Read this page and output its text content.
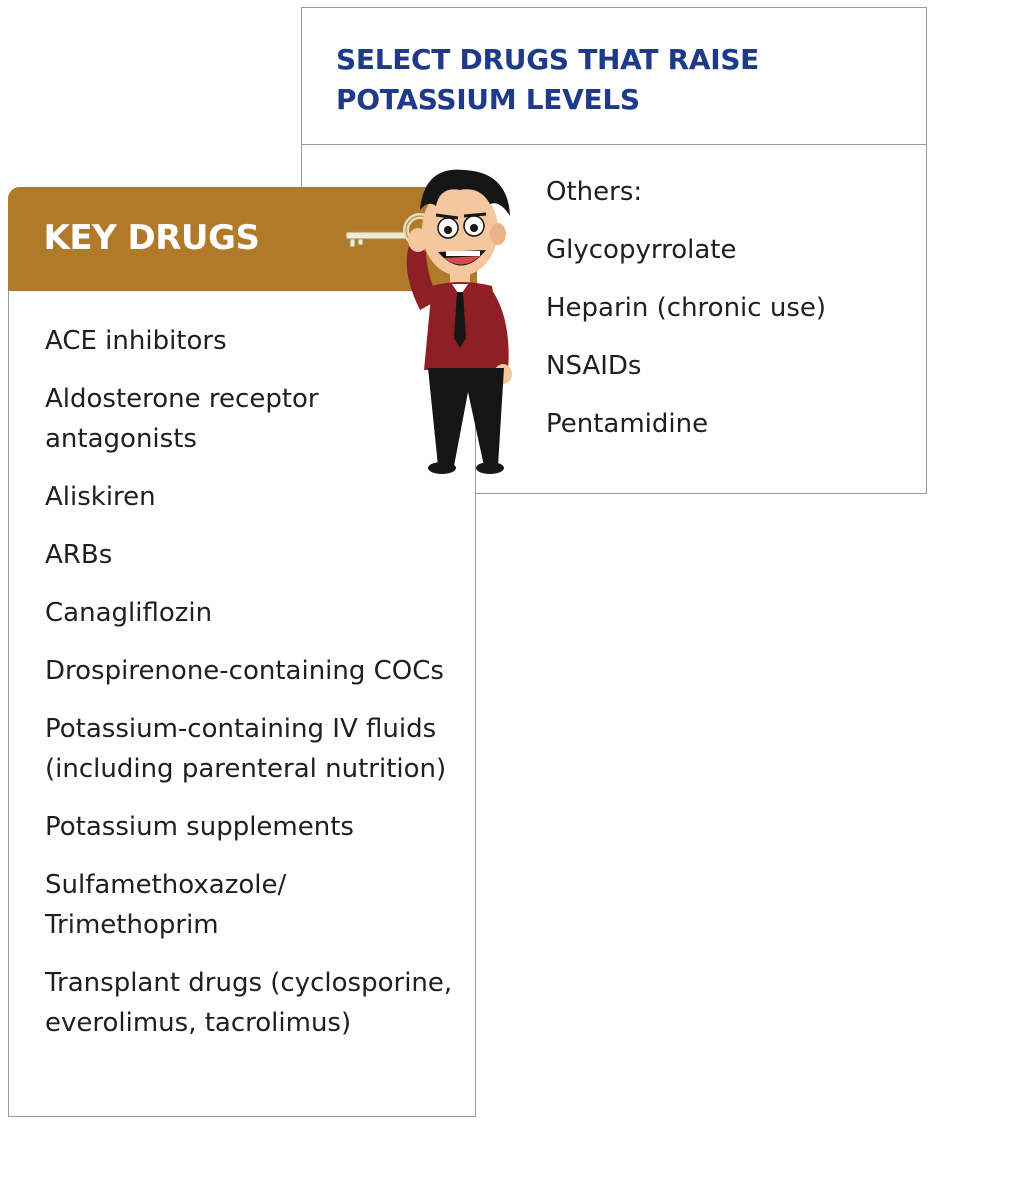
SELECT DRUGS THAT RAISE
POTASSIUM LEVELS
Others:
Glycopyrrolate
Heparin (chronic use)
NSAIDs
Pentamidine
KEY DRUGS
ACE inhibitors
Aldosterone receptor antagonists
Aliskiren
ARBs
Canagliflozin
Drospirenone-containing COCs
Potassium-containing IV fluids (including parenteral nutrition)
Potassium supplements
Sulfamethoxazole/ Trimethoprim
Transplant drugs (cyclosporine, everolimus, tacrolimus)
